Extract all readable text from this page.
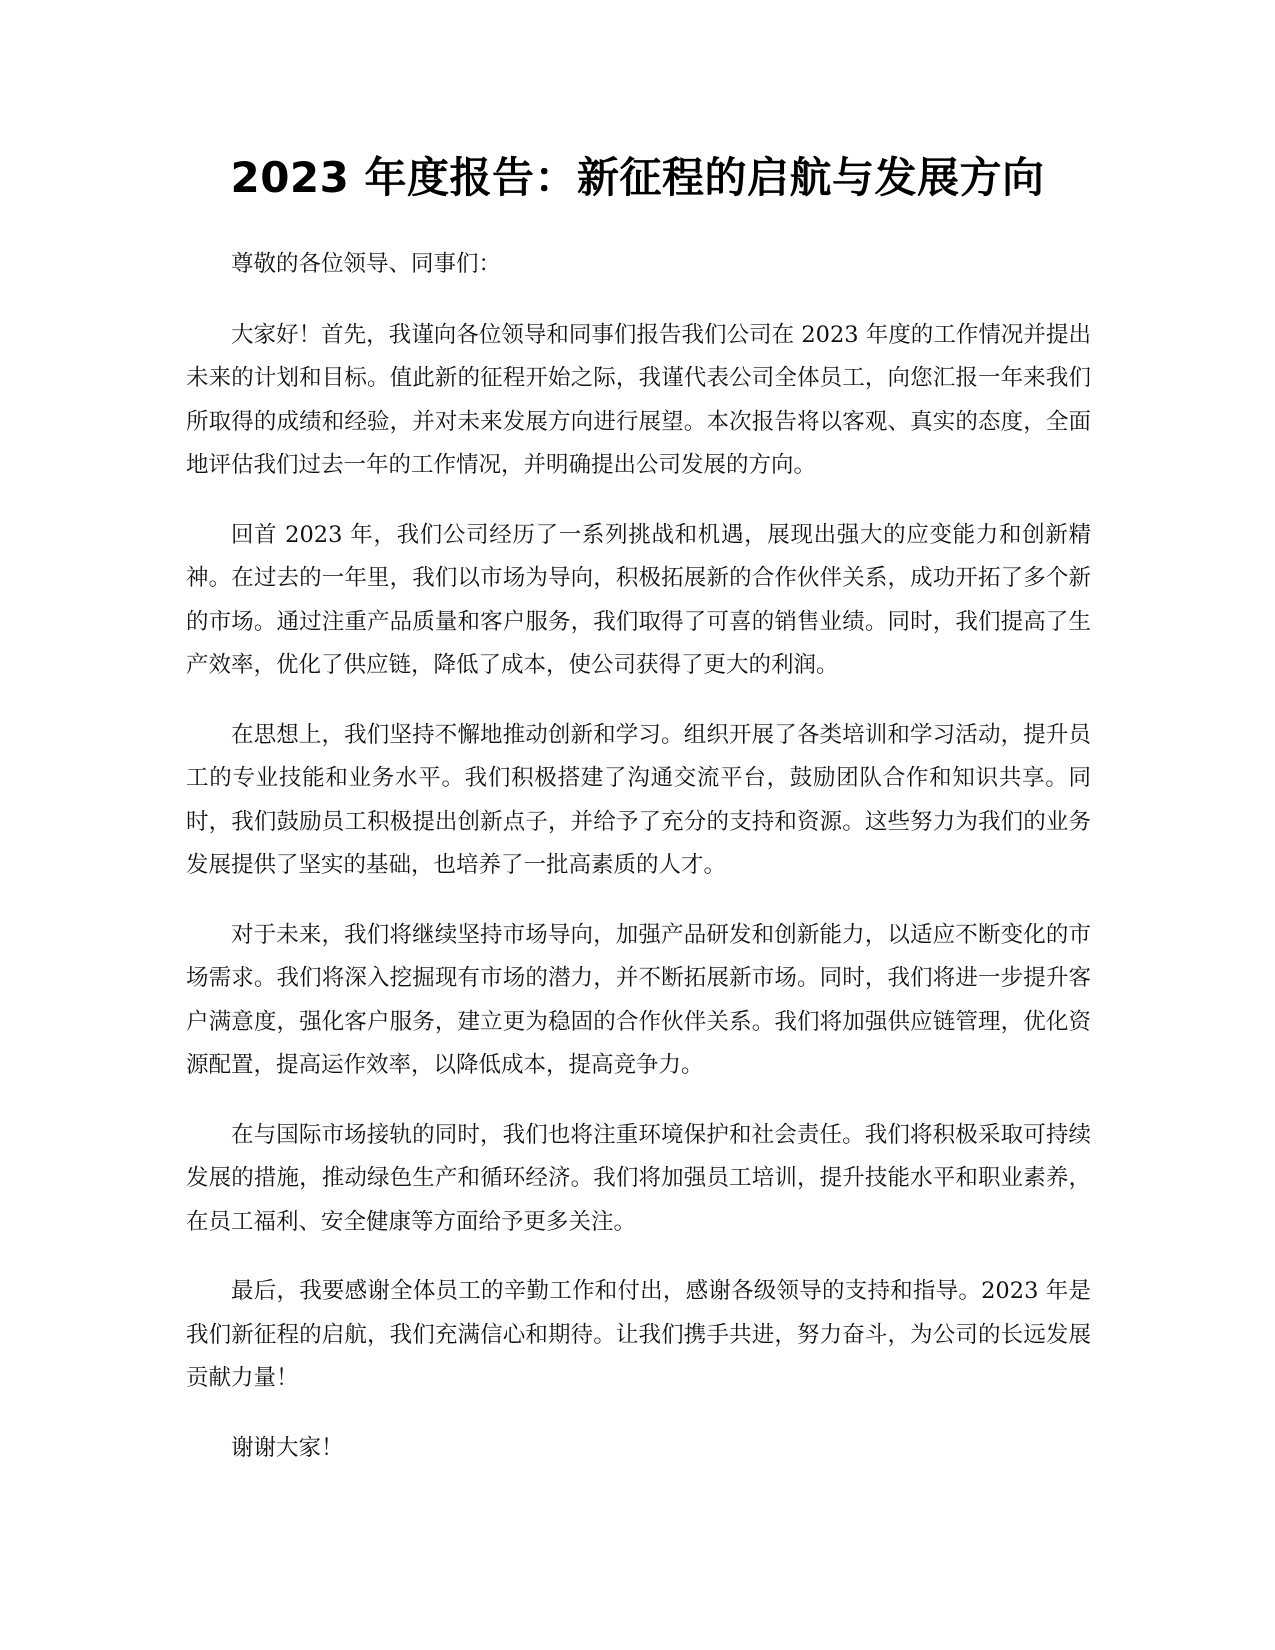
2023 年度报告：新征程的启航与发展方向

尊敬的各位领导、同事们：

大家好！首先，我谨向各位领导和同事们报告我们公司在 2023 年度的工作情况并提出未来的计划和目标。值此新的征程开始之际，我谨代表公司全体员工，向您汇报一年来我们所取得的成绩和经验，并对未来发展方向进行展望。本次报告将以客观、真实的态度，全面地评估我们过去一年的工作情况，并明确提出公司发展的方向。

回首 2023 年，我们公司经历了一系列挑战和机遇，展现出强大的应变能力和创新精神。在过去的一年里，我们以市场为导向，积极拓展新的合作伙伴关系，成功开拓了多个新的市场。通过注重产品质量和客户服务，我们取得了可喜的销售业绩。同时，我们提高了生产效率，优化了供应链，降低了成本，使公司获得了更大的利润。

在思想上，我们坚持不懈地推动创新和学习。组织开展了各类培训和学习活动，提升员工的专业技能和业务水平。我们积极搭建了沟通交流平台，鼓励团队合作和知识共享。同时，我们鼓励员工积极提出创新点子，并给予了充分的支持和资源。这些努力为我们的业务发展提供了坚实的基础，也培养了一批高素质的人才。

对于未来，我们将继续坚持市场导向，加强产品研发和创新能力，以适应不断变化的市场需求。我们将深入挖掘现有市场的潜力，并不断拓展新市场。同时，我们将进一步提升客户满意度，强化客户服务，建立更为稳固的合作伙伴关系。我们将加强供应链管理，优化资源配置，提高运作效率，以降低成本，提高竞争力。

在与国际市场接轨的同时，我们也将注重环境保护和社会责任。我们将积极采取可持续发展的措施，推动绿色生产和循环经济。我们将加强员工培训，提升技能水平和职业素养，在员工福利、安全健康等方面给予更多关注。

最后，我要感谢全体员工的辛勤工作和付出，感谢各级领导的支持和指导。2023 年是我们新征程的启航，我们充满信心和期待。让我们携手共进，努力奋斗，为公司的长远发展贡献力量！

谢谢大家！
